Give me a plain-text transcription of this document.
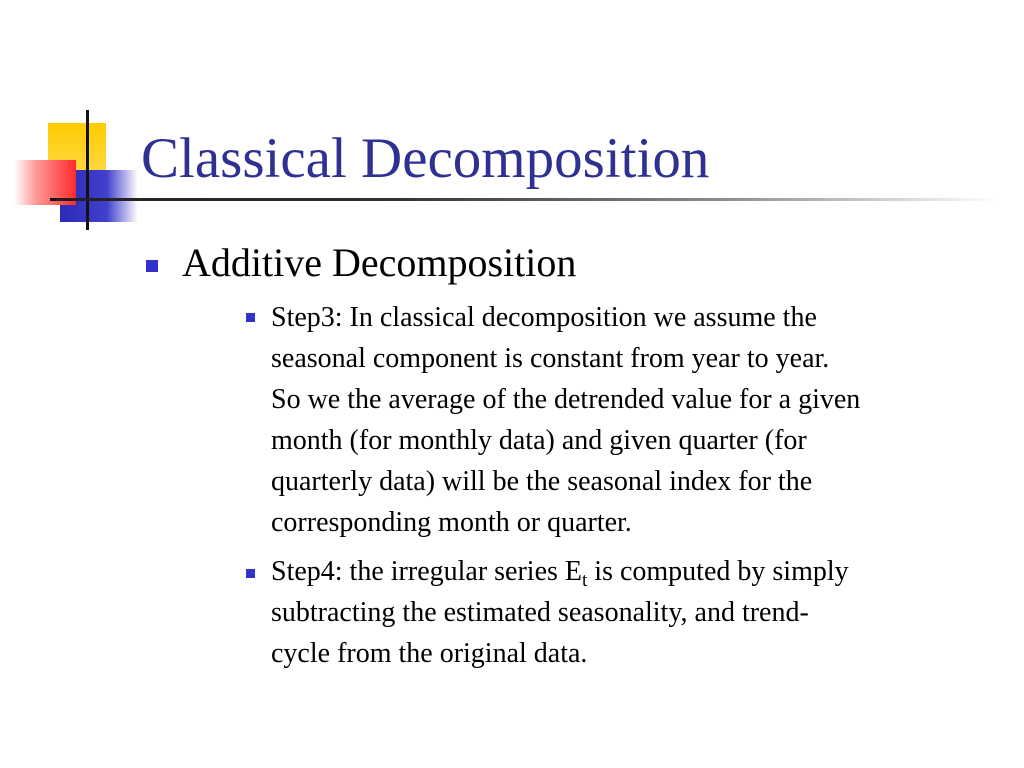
Classical Decomposition
Additive Decomposition
Step3: In classical decomposition we assume the
seasonal component is constant from year to year.
So we the average of the detrended value for a given
month (for monthly data) and given quarter (for
quarterly data) will be the seasonal index for the
corresponding month or quarter.
Step4: the irregular series $E_t$ is computed by simply
subtracting the estimated seasonality, and trend-
cycle from the original data.
